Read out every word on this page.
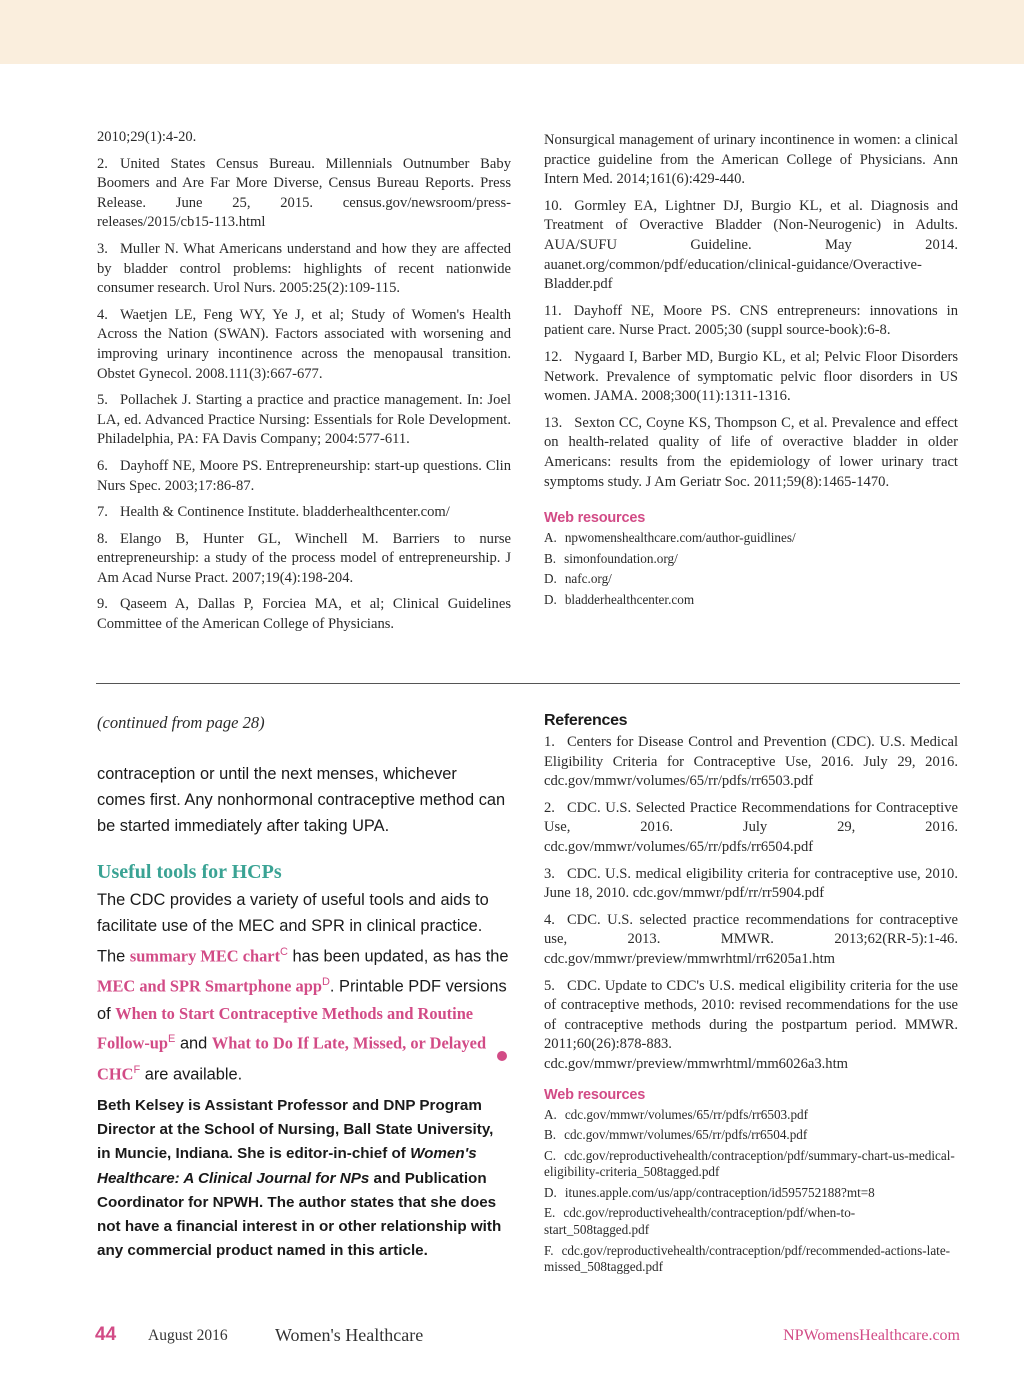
2010;29(1):4-20.

2. United States Census Bureau. Millennials Outnumber Baby Boomers and Are Far More Diverse, Census Bureau Reports. Press Release. June 25, 2015. census.gov/newsroom/press-releases/2015/cb15-113.html

3. Muller N. What Americans understand and how they are affected by bladder control problems: highlights of recent nationwide consumer research. Urol Nurs. 2005:25(2):109-115.

4. Waetjen LE, Feng WY, Ye J, et al; Study of Women's Health Across the Nation (SWAN). Factors associated with worsening and improving urinary incontinence across the menopausal transition. Obstet Gynecol. 2008.111(3):667-677.

5. Pollachek J. Starting a practice and practice management. In: Joel LA, ed. Advanced Practice Nursing: Essentials for Role Development. Philadelphia, PA: FA Davis Company; 2004:577-611.

6. Dayhoff NE, Moore PS. Entrepreneurship: start-up questions. Clin Nurs Spec. 2003;17:86-87.

7. Health & Continence Institute. bladderhealthcenter.com/

8. Elango B, Hunter GL, Winchell M. Barriers to nurse entrepreneurship: a study of the process model of entrepreneurship. J Am Acad Nurse Pract. 2007;19(4):198-204.

9. Qaseem A, Dallas P, Forciea MA, et al; Clinical Guidelines Committee of the American College of Physicians.

Nonsurgical management of urinary incontinence in women: a clinical practice guideline from the American College of Physicians. Ann Intern Med. 2014;161(6):429-440.

10. Gormley EA, Lightner DJ, Burgio KL, et al. Diagnosis and Treatment of Overactive Bladder (Non-Neurogenic) in Adults. AUA/SUFU Guideline. May 2014. auanet.org/common/pdf/education/clinical-guidance/Overactive-Bladder.pdf

11. Dayhoff NE, Moore PS. CNS entrepreneurs: innovations in patient care. Nurse Pract. 2005;30 (suppl source-book):6-8.

12. Nygaard I, Barber MD, Burgio KL, et al; Pelvic Floor Disorders Network. Prevalence of symptomatic pelvic floor disorders in US women. JAMA. 2008;300(11):1311-1316.

13. Sexton CC, Coyne KS, Thompson C, et al. Prevalence and effect on health-related quality of life of overactive bladder in older Americans: results from the epidemiology of lower urinary tract symptoms study. J Am Geriatr Soc. 2011;59(8):1465-1470.

Web resources

A. npwomenshealthcare.com/author-guidlines/

B. simonfoundation.org/

D. nafc.org/

D. bladderhealthcenter.com

(continued from page 28)

contraception or until the next menses, whichever comes first. Any nonhormonal contraceptive method can be started immediately after taking UPA.

Useful tools for HCPs

The CDC provides a variety of useful tools and aids to facilitate use of the MEC and SPR in clinical practice. The summary MEC chart$^C$ has been updated, as has the MEC and SPR Smartphone app$^D$. Printable PDF versions of When to Start Contraceptive Methods and Routine Follow-$up^E$ and What to Do If Late, Missed, or Delayed $CHC^F$ are available.

Beth Kelsey is Assistant Professor and DNP Program Director at the School of Nursing, Ball State University, in Muncie, Indiana. She is editor-in-chief of Women's Healthcare: A Clinical Journal for NPs and Publication Coordinator for NPWH. The author states that she does not have a financial interest in or other relationship with any commercial product named in this article.

References

1. Centers for Disease Control and Prevention (CDC). U.S. Medical Eligibility Criteria for Contraceptive Use, 2016. July 29, 2016. cdc.gov/mmwr/volumes/65/rr/pdfs/rr6503.pdf

2. CDC. U.S. Selected Practice Recommendations for Contraceptive Use, 2016. July 29, 2016. cdc.gov/mmwr/volumes/65/rr/pdfs/rr6504.pdf

3. CDC. U.S. medical eligibility criteria for contraceptive use, 2010. June 18, 2010. cdc.gov/mmwr/pdf/rr/rr5904.pdf

4. CDC. U.S. selected practice recommendations for contraceptive use, 2013. MMWR. 2013;62(RR-5):1-46. cdc.gov/mmwr/preview/mmwrhtml/rr6205a1.htm

5. CDC. Update to CDC's U.S. medical eligibility criteria for the use of contraceptive methods, 2010: revised recommendations for the use of contraceptive methods during the postpartum period. MMWR. 2011;60(26):878-883. cdc.gov/mmwr/preview/mmwrhtml/mm6026a3.htm

Web resources

A. cdc.gov/mmwr/volumes/65/rr/pdfs/rr6503.pdf

B. cdc.gov/mmwr/volumes/65/rr/pdfs/rr6504.pdf

C. cdc.gov/reproductivehealth/contraception/pdf/summary-chart-us-medical-eligibility-criteria_508tagged.pdf

D. itunes.apple.com/us/app/contraception/id595752188?mt=8

E. cdc.gov/reproductivehealth/contraception/pdf/when-to-start_508tagged.pdf

F. cdc.gov/reproductivehealth/contraception/pdf/recommended-actions-late-missed_508tagged.pdf

44 August 2016	Women's Healthcare	NPWomensHealthcare.com
